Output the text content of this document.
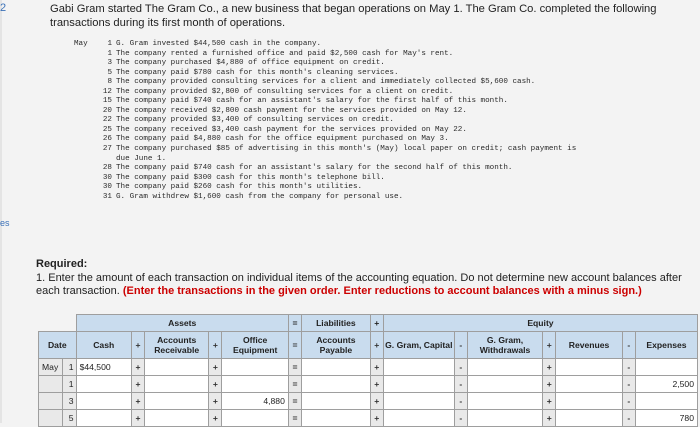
2
es
Gabi Gram started The Gram Co., a new business that began operations on May 1. The Gram Co. completed the following transactions during its first month of operations.
May	1 G. Gram invested $44,500 cash in the company.
1 The company rented a furnished office and paid $2,500 cash for May's rent.
3 The company purchased $4,880 of office equipment on credit.
5 The company paid $780 cash for this month's cleaning services.
8 The company provided consulting services for a client and immediately collected $5,600 cash.
12 The company provided $2,800 of consulting services for a client on credit.
15 The company paid $740 cash for an assistant's salary for the first half of this month.
20 The company received $2,800 cash payment for the services provided on May 12.
22 The company provided $3,400 of consulting services on credit.
25 The company received $3,400 cash payment for the services provided on May 22.
26 The company paid $4,880 cash for the office equipment purchased on May 3.
27 The company purchased $85 of advertising in this month's (May) local paper on credit; cash payment is
due June 1.
28 The company paid $740 cash for an assistant's salary for the second half of this month.
30 The company paid $300 cash for this month's telephone bill.
30 The company paid $260 cash for this month's utilities.
31 G. Gram withdrew $1,600 cash from the company for personal use.
Required:
1. Enter the amount of each transaction on individual items of the accounting equation. Do not determine new account balances after each transaction. (Enter the transactions in the given order. Enter reductions to account balances with a minus sign.)
		Assets					=	Liabilities	+	Equity						
Date		Cash	+	Accounts Receivable	+	Office Equipment	=	Accounts Payable	+	G. Gram, Capital	-	G. Gram, Withdrawals	+	Revenues	-	Expenses
May	1	$44,500	+		+		=		+		-		+		-	
	1		+		+		=		+		-		+		-	2,500
	3		+		+	4,880	=		+		-		+		-	
	5		+		+		=		+		-		+		-	780
